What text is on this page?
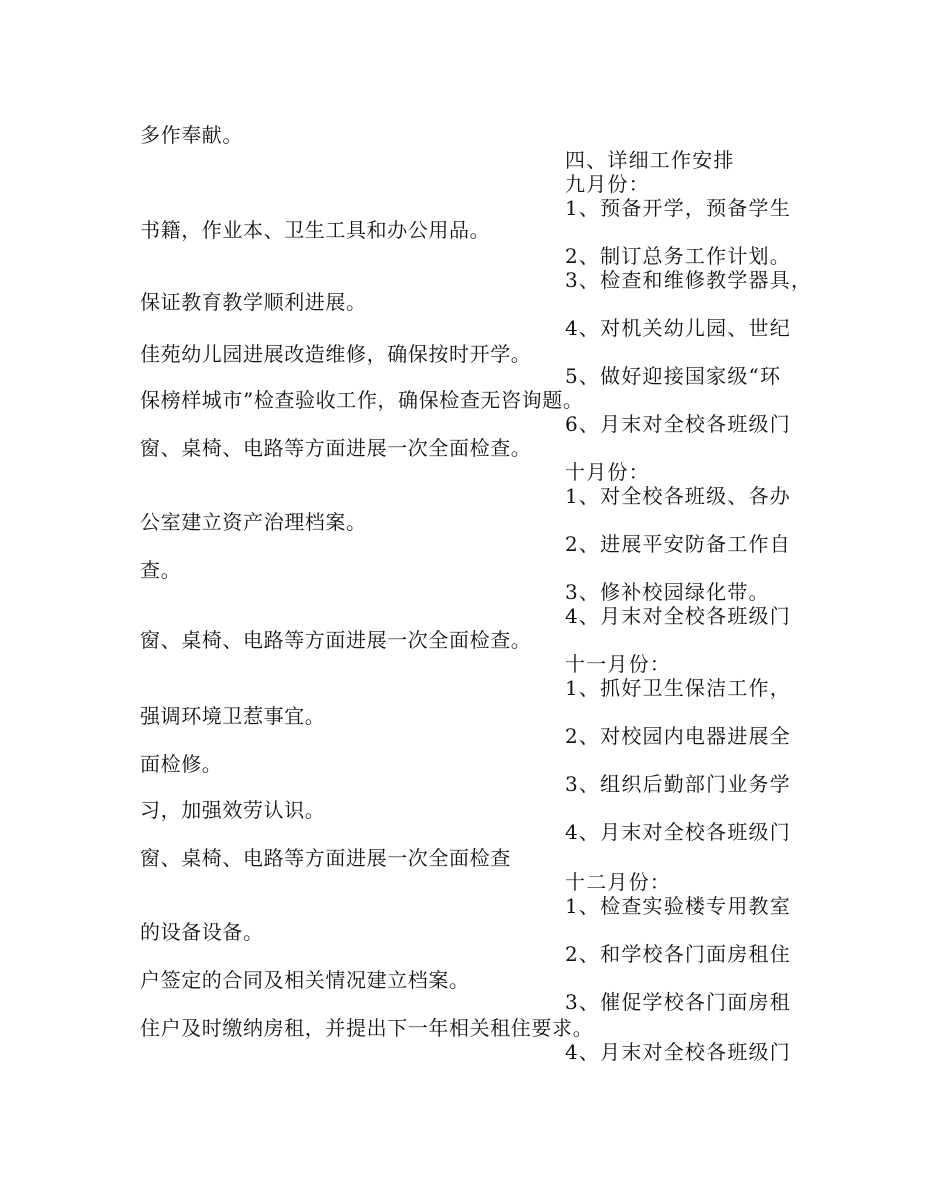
多作奉献。

书籍，作业本、卫生工具和办公用品。

保证教育教学顺利进展。

佳苑幼儿园进展改造维修，确保按时开学。

保榜样城市”检查验收工作，确保检查无咨询题。

窗、桌椅、电路等方面进展一次全面检查。

公室建立资产治理档案。

查。

窗、桌椅、电路等方面进展一次全面检查。

强调环境卫惹事宜。

面检修。

习，加强效劳认识。

窗、桌椅、电路等方面进展一次全面检查

的设备设备。

户签定的合同及相关情况建立档案。

住户及时缴纳房租，并提出下一年相关租住要求。

四、详细工作安排

九月份：

1、预备开学，预备学生

2、制订总务工作计划。

3、检查和维修教学器具，

4、对机关幼儿园、世纪

5、做好迎接国家级“环

6、月末对全校各班级门

十月份：

1、对全校各班级、各办

2、进展平安防备工作自

3、修补校园绿化带。

4、月末对全校各班级门

十一月份：

1、抓好卫生保洁工作，

2、对校园内电器进展全

3、组织后勤部门业务学

4、月末对全校各班级门

十二月份：

1、检查实验楼专用教室

2、和学校各门面房租住

3、催促学校各门面房租

4、月末对全校各班级门
